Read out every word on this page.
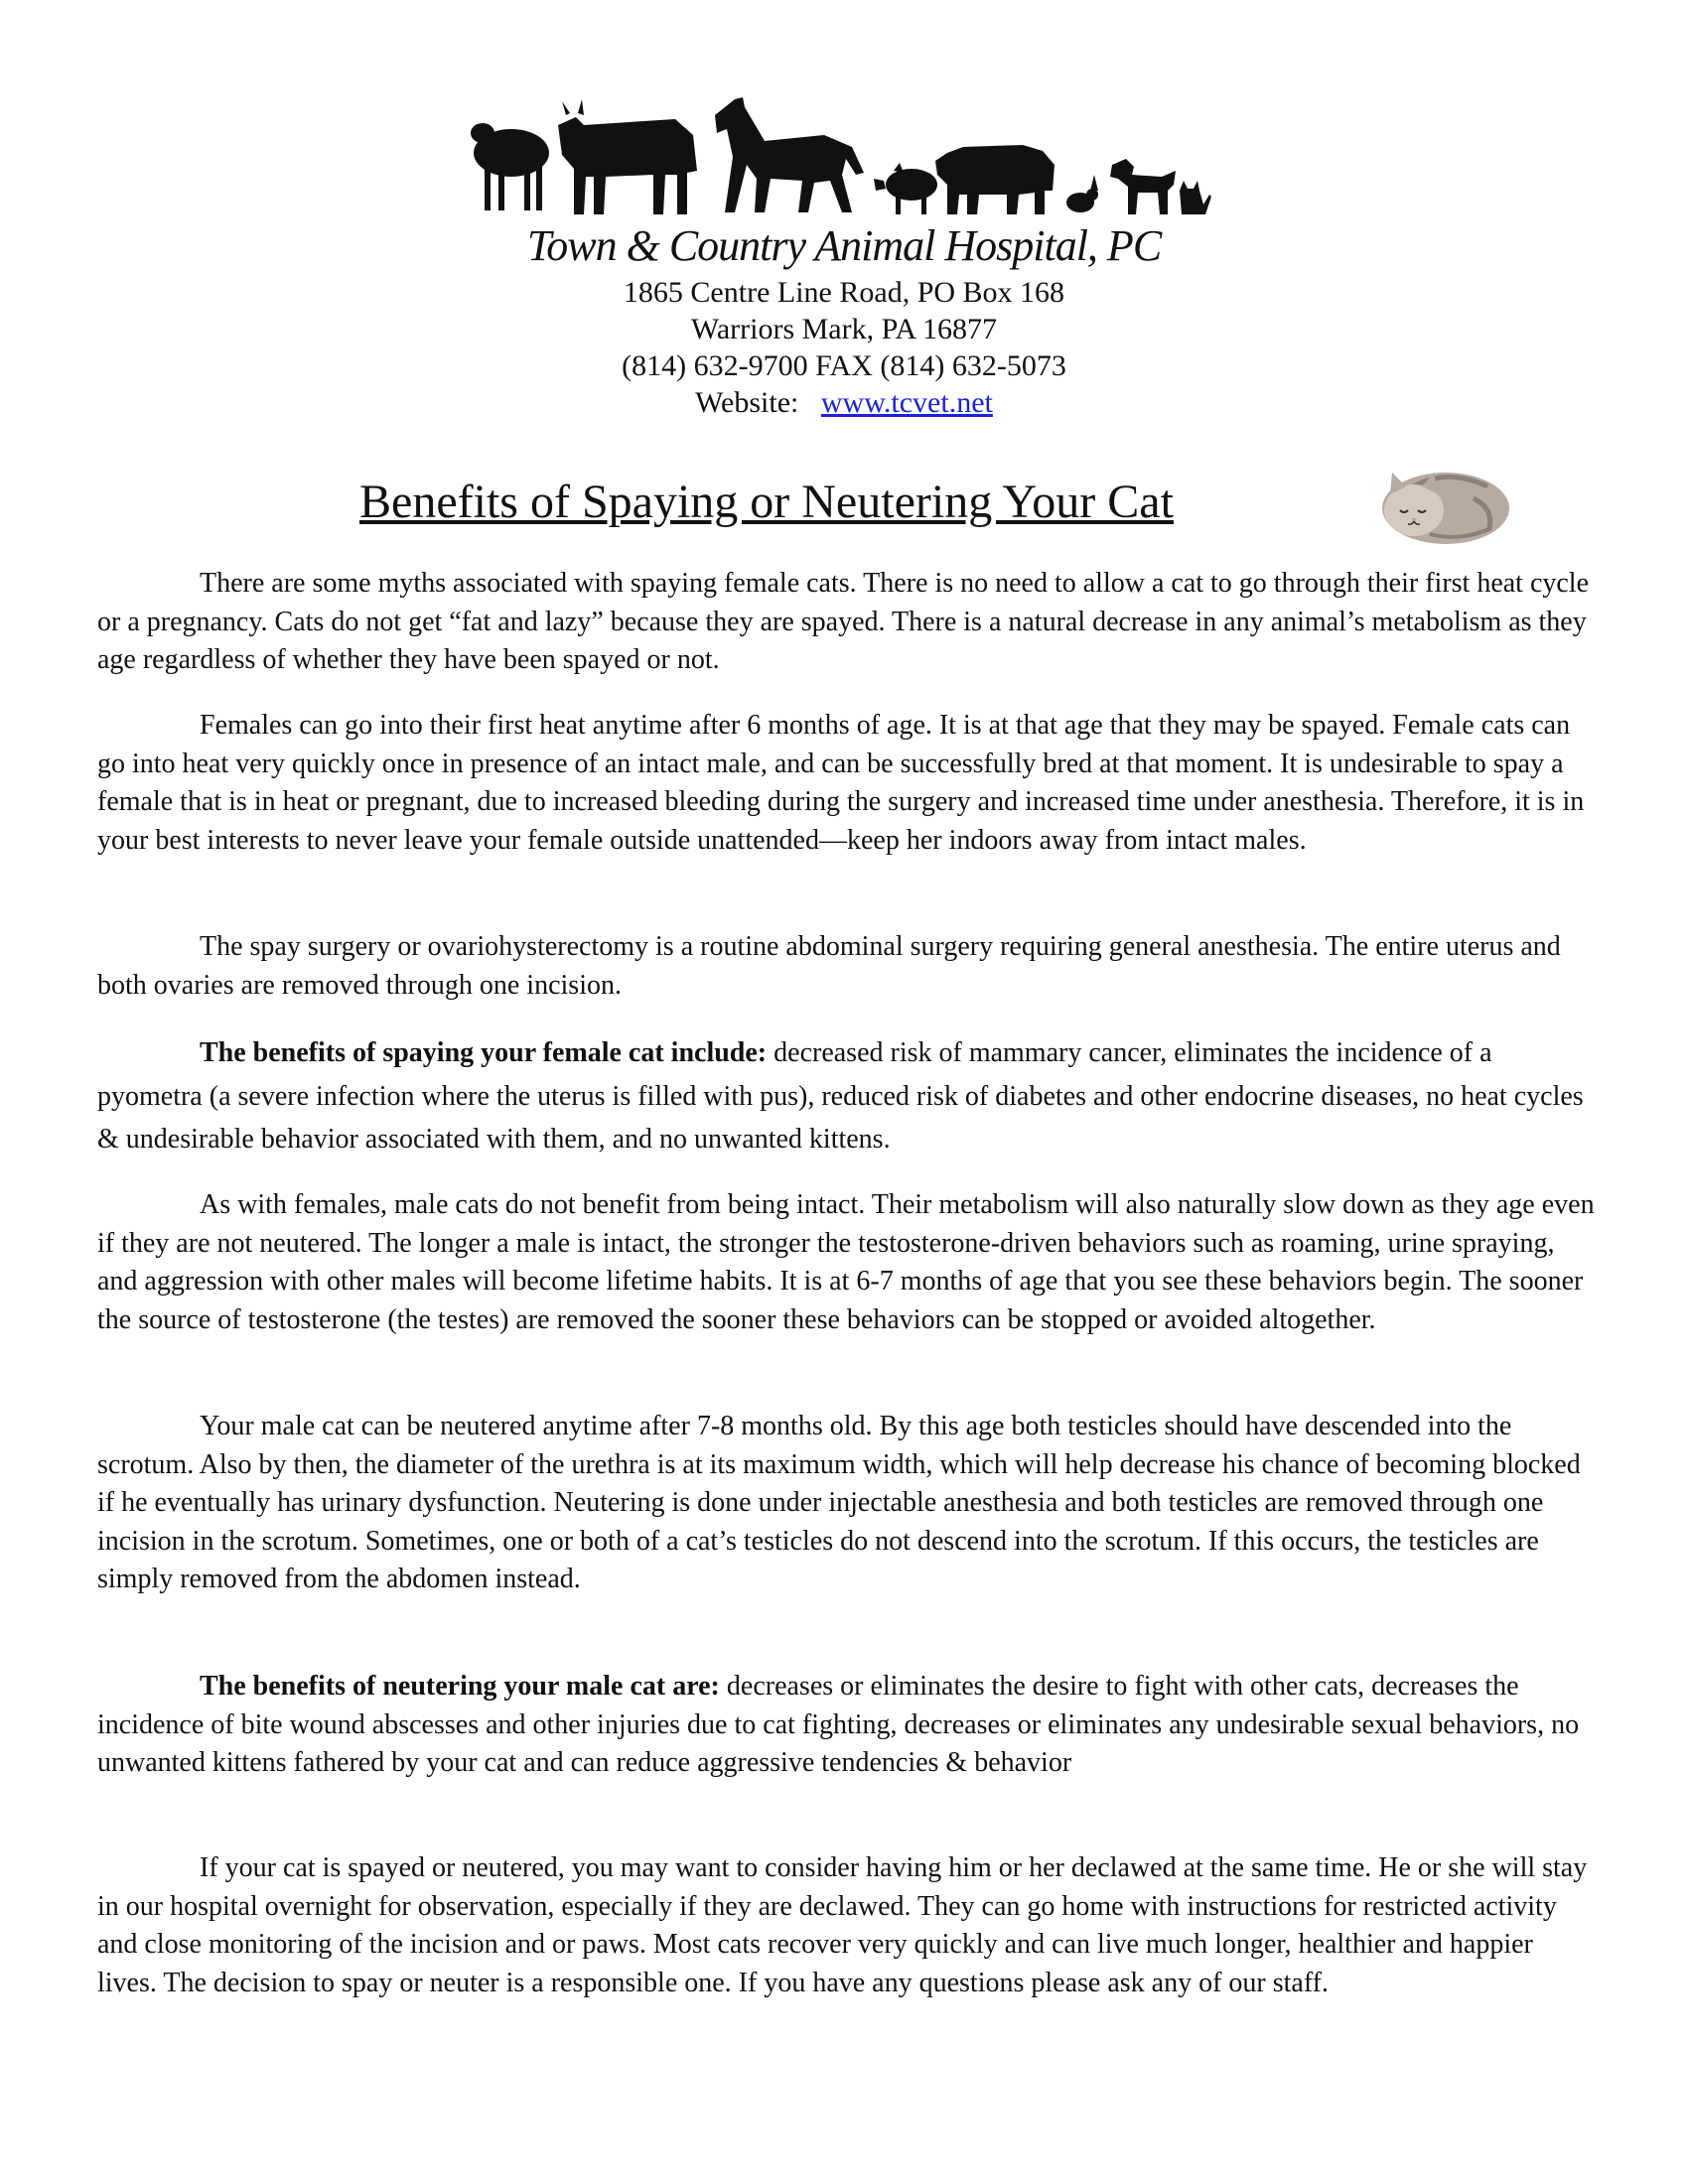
Town & Country Animal Hospital, PC
1865 Centre Line Road, PO Box 168
Warriors Mark, PA 16877
(814) 632-9700 FAX (814) 632-5073
Website: www.tcvet.net
Benefits of Spaying or Neutering Your Cat

There are some myths associated with spaying female cats. There is no need to allow a cat to go through their first heat cycle or a pregnancy. Cats do not get “fat and lazy” because they are spayed. There is a natural decrease in any animal’s metabolism as they age regardless of whether they have been spayed or not.

Females can go into their first heat anytime after 6 months of age. It is at that age that they may be spayed. Female cats can go into heat very quickly once in presence of an intact male, and can be successfully bred at that moment. It is undesirable to spay a female that is in heat or pregnant, due to increased bleeding during the surgery and increased time under anesthesia. Therefore, it is in your best interests to never leave your female outside unattended—keep her indoors away from intact males.

The spay surgery or ovariohysterectomy is a routine abdominal surgery requiring general anesthesia. The entire uterus and both ovaries are removed through one incision.

The benefits of spaying your female cat include: decreased risk of mammary cancer, eliminates the incidence of a pyometra (a severe infection where the uterus is filled with pus), reduced risk of diabetes and other endocrine diseases, no heat cycles & undesirable behavior associated with them, and no unwanted kittens.

As with females, male cats do not benefit from being intact. Their metabolism will also naturally slow down as they age even if they are not neutered. The longer a male is intact, the stronger the testosterone-driven behaviors such as roaming, urine spraying, and aggression with other males will become lifetime habits. It is at 6-7 months of age that you see these behaviors begin. The sooner the source of testosterone (the testes) are removed the sooner these behaviors can be stopped or avoided altogether.

Your male cat can be neutered anytime after 7-8 months old. By this age both testicles should have descended into the scrotum. Also by then, the diameter of the urethra is at its maximum width, which will help decrease his chance of becoming blocked if he eventually has urinary dysfunction. Neutering is done under injectable anesthesia and both testicles are removed through one incision in the scrotum. Sometimes, one or both of a cat’s testicles do not descend into the scrotum. If this occurs, the testicles are simply removed from the abdomen instead.

The benefits of neutering your male cat are: decreases or eliminates the desire to fight with other cats, decreases the incidence of bite wound abscesses and other injuries due to cat fighting, decreases or eliminates any undesirable sexual behaviors, no unwanted kittens fathered by your cat and can reduce aggressive tendencies & behavior

If your cat is spayed or neutered, you may want to consider having him or her declawed at the same time. He or she will stay in our hospital overnight for observation, especially if they are declawed. They can go home with instructions for restricted activity and close monitoring of the incision and or paws. Most cats recover very quickly and can live much longer, healthier and happier lives. The decision to spay or neuter is a responsible one. If you have any questions please ask any of our staff.
